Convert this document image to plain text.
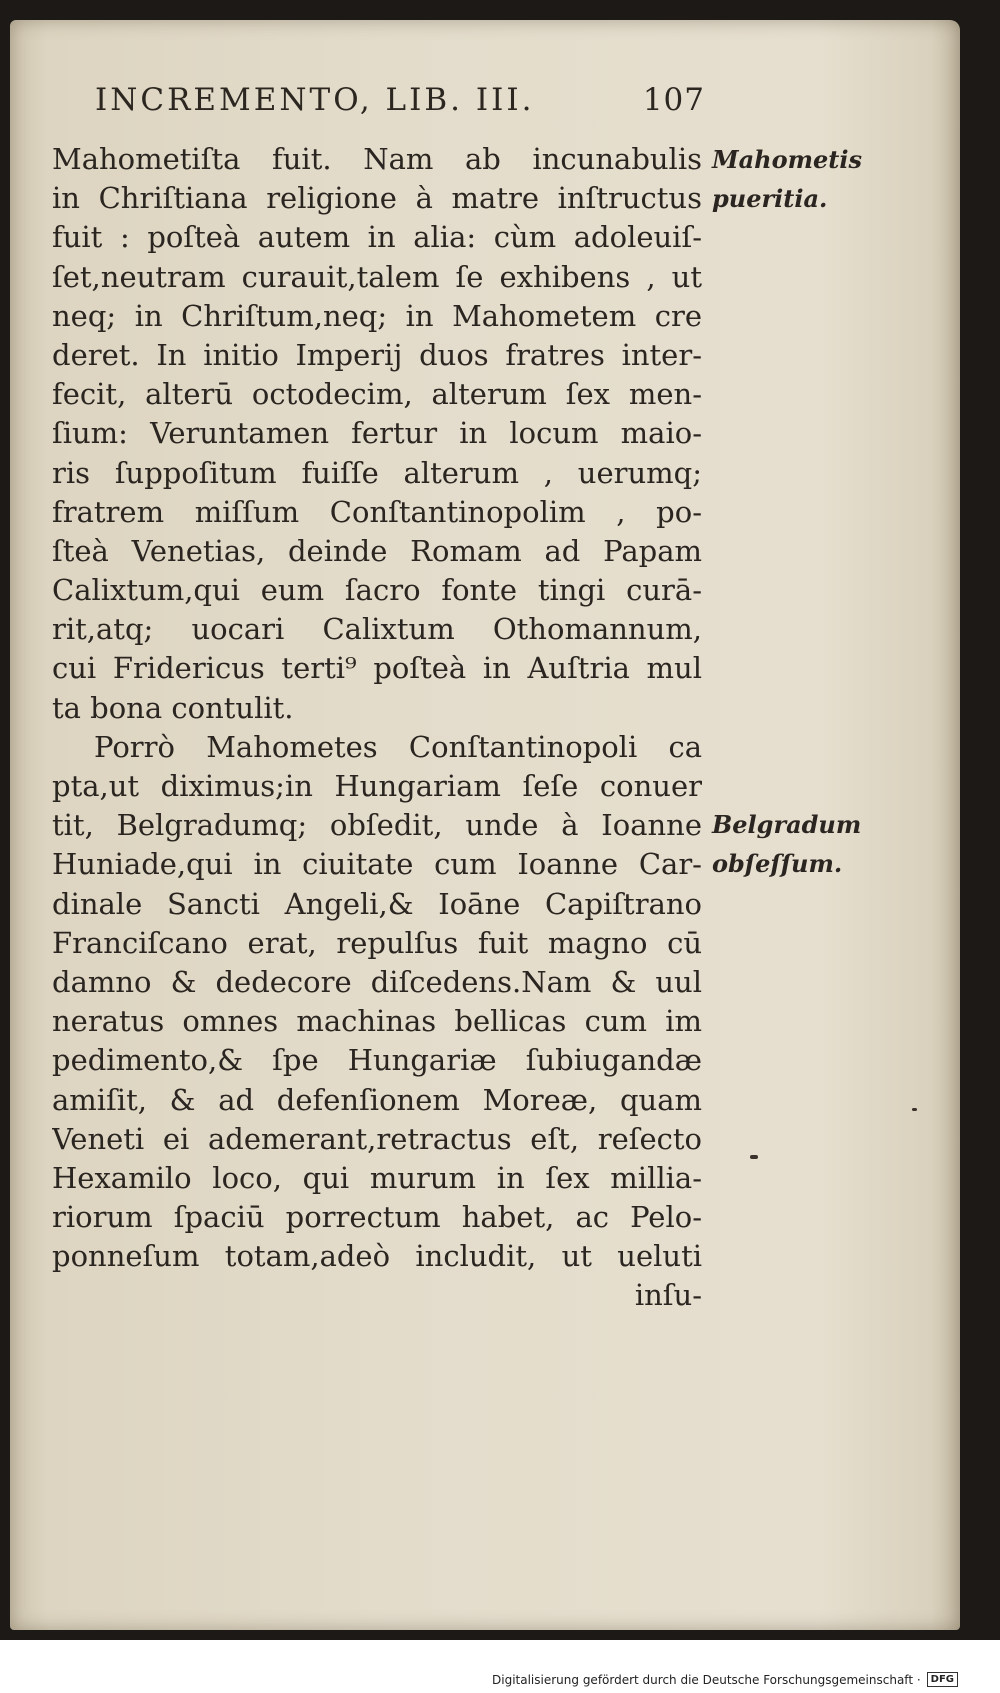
INCREMENTO, LIB. III.	107
Mahometiſta fuit. Nam ab incunabulis
in Chriſtiana religione à matre inſtructus
fuit : poſteà autem in alia: cùm adoleuiſ-
ſet,neutram curauit,talem ſe exhibens , ut
neq; in Chriſtum,neq; in Mahometem cre
deret. In initio Imperij duos fratres inter-
fecit, alterū octodecim, alterum ſex men-
ſium: Veruntamen fertur in locum maio-
ris ſuppoſitum fuiſſe alterum , uerumq;
fratrem miſſum Conſtantinopolim , po-
ſteà Venetias, deinde Romam ad Papam
Calixtum,qui eum ſacro fonte tingi curā-
rit,atq; uocari Calixtum Othomannum,
cui Fridericus terti⁹ poſteà in Auſtria mul
ta bona contulit.
Porrò Mahometes Conſtantinopoli ca
pta,ut diximus;in Hungariam ſeſe conuer
tit, Belgradumq; obſedit, unde à Ioanne
Huniade,qui in ciuitate cum Ioanne Car-
dinale Sancti Angeli,& Ioāne Capiſtrano
Franciſcano erat, repulſus fuit magno cū
damno & dedecore diſcedens.Nam & uul
neratus omnes machinas bellicas cum im
pedimento,& ſpe Hungariæ ſubiugandæ
amiſit, & ad defenſionem Moreæ, quam
Veneti ei ademerant,retractus eſt, reſecto
Hexamilo loco, qui murum in ſex millia-
riorum ſpaciū porrectum habet, ac Pelo-
ponneſum totam,adeò includit, ut ueluti
inſu-
Mahometis
pueritia.
Belgradum
obſeſſum.
Digitalisierung gefördert durch die Deutsche Forschungsgemeinschaft ·	DFG
